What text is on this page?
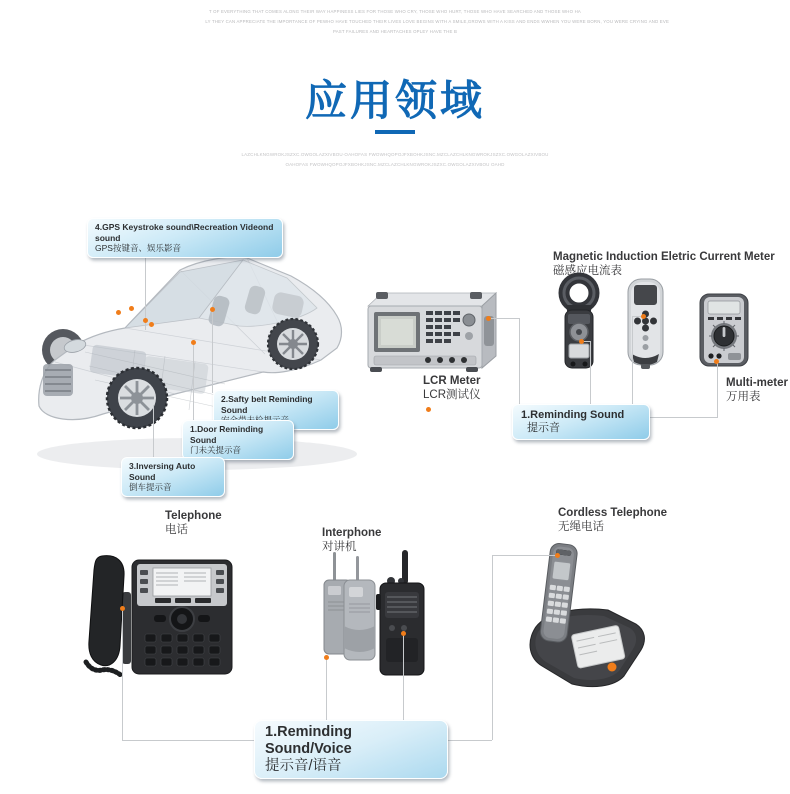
T OF EVERYTHING THAT COMES ALONG THEIR WAY HAPPINESS LIES FOR THOSE WHO CRY, THOSE WHO HURT, THOSE WHO HAVE SEARCHED AND THOSE WHO HA
LY THEY CAN APPRECIATE THE IMPORTANCE OF PEWHO HAVE TOUCHED THEIR LIVES LOVE BEGINS WITH A SMILE,GROWS WITH A KISS AND ENDS WWHEN YOU WERE BORN, YOU WERE CRYING AND EVE
PAST FAILURES AND HEARTACHES OPLEY HAVE THE B
应用领域
LAZCHLKNGWROKJSZXC.OWGOLAZXIVBOU·OAHOFAS FWOWHQOPOJFXBOHKJSNC.MZCLAZCHLKNGWROKJSZXC.OWGOLAZXIVBOU
OAHOFAS FWOWHQOPOJFXBOHKJSNC.MZCLAZCHLKNGWROKJSZXC.OWGOLAZXIVBOU OAHD
4.GPS Keystroke sound\Recreation Videond sound
GPS按键音、娱乐影音
2.Safty belt Reminding Sound
1.Door Reminding Sound
门未关提示音
3.Inversing Auto Sound
倒车提示音
Magnetic Induction Eletric Current Meter
磁感应电流表
LCR Meter
LCR测试仪
Multi-meter
万用表
1.Reminding Sound 提示音
Telephone
电话	Interphone
对讲机
Cordless Telephone
无绳电话
1.Reminding Sound/Voice
提示音/语音
